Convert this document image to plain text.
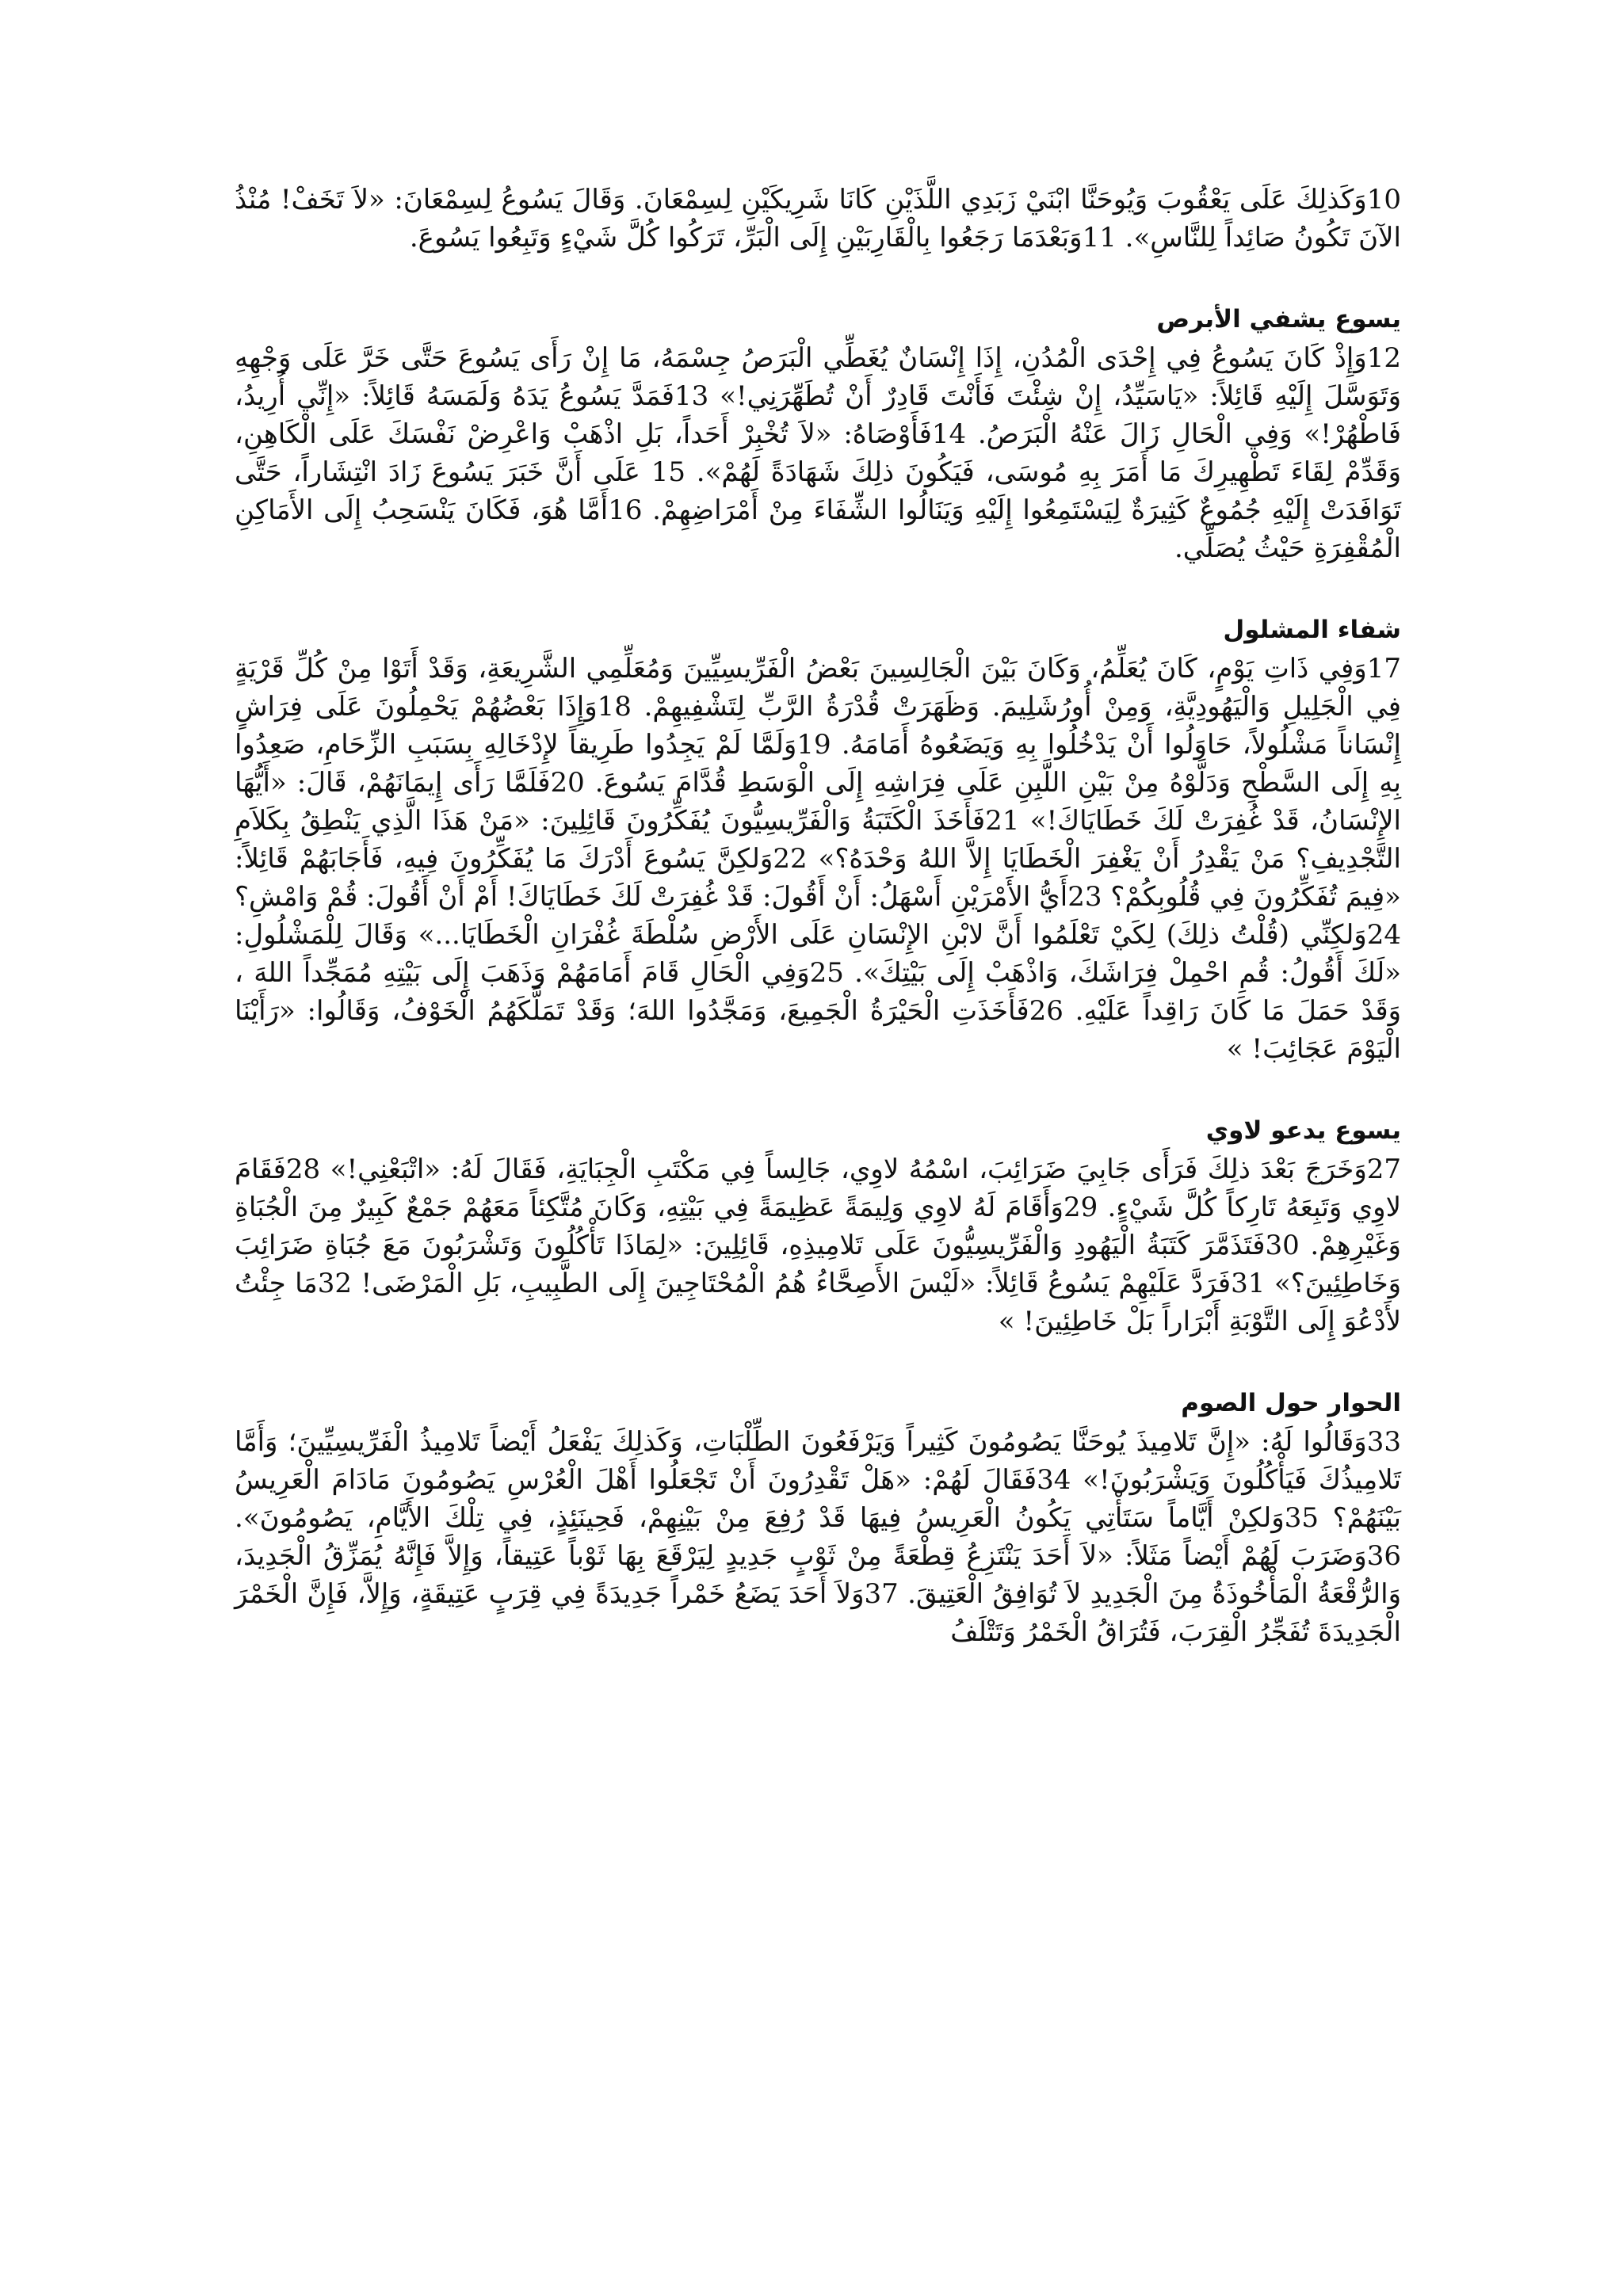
10وَكَذلِكَ عَلَى يَعْقُوبَ وَيُوحَنَّا ابْنَيْ زَبَدِي اللَّذَيْنِ كَانَا شَرِيكَيْنِ لِسِمْعَانَ. وَقَالَ يَسُوعُ لِسِمْعَانَ: «لاَ تَخَفْ! مُنْذُ الآنَ تَكُونُ صَائِداً لِلنَّاسِ». 11وَبَعْدَمَا رَجَعُوا بِالْقَارِبَيْنِ إِلَى الْبَرِّ، تَرَكُوا كُلَّ شَيْءٍ وَتَبِعُوا يَسُوعَ.

يسوع يشفي الأبرص

12وَإِذْ كَانَ يَسُوعُ فِي إِحْدَى الْمُدُنِ، إِذَا إِنْسَانٌ يُغَطِّي الْبَرَصُ جِسْمَهُ، مَا إِنْ رَأَى يَسُوعَ حَتَّى خَرَّ عَلَى وَجْهِهِ وَتَوَسَّلَ إِلَيْهِ قَائِلاً: «يَاسَيِّدُ، إِنْ شِئْتَ فَأَنْتَ قَادِرٌ أَنْ تُطَهِّرَنِي!» 13فَمَدَّ يَسُوعُ يَدَهُ وَلَمَسَهُ قَائِلاً: «إِنِّي أُرِيدُ، فَاطْهُرْ!» وَفِي الْحَالِ زَالَ عَنْهُ الْبَرَصُ. 14فَأَوْصَاهُ: «لاَ تُخْبِرْ أَحَداً، بَلِ اذْهَبْ وَاعْرِضْ نَفْسَكَ عَلَى الْكَاهِنِ، وَقَدِّمْ لِقَاءَ تَطْهِيرِكَ مَا أَمَرَ بِهِ مُوسَى، فَيَكُونَ ذلِكَ شَهَادَةً لَهُمْ». 15 عَلَى أَنَّ خَبَرَ يَسُوعَ زَادَ انْتِشَاراً، حَتَّى تَوَافَدَتْ إِلَيْهِ جُمُوعٌ كَثِيرَةٌ لِيَسْتَمِعُوا إِلَيْهِ وَيَنَالُوا الشِّفَاءَ مِنْ أَمْرَاضِهِمْ. 16أَمَّا هُوَ، فَكَانَ يَنْسَحِبُ إِلَى الأَمَاكِنِ الْمُقْفِرَةِ حَيْثُ يُصَلِّي.

شفاء المشلول

17وَفِي ذَاتِ يَوْمٍ، كَانَ يُعَلِّمُ، وَكَانَ بَيْنَ الْجَالِسِينَ بَعْضُ الْفَرِّيسِيِّينَ وَمُعَلِّمِي الشَّرِيعَةِ، وَقَدْ أَتَوْا مِنْ كُلِّ قَرْيَةٍ فِي الْجَلِيلِ وَالْيَهُودِيَّةِ، وَمِنْ أُورُشَلِيمَ. وَظَهَرَتْ قُدْرَةُ الرَّبِّ لِتَشْفِيهِمْ. 18وَإِذَا بَعْضُهُمْ يَحْمِلُونَ عَلَى فِرَاشٍ إِنْسَاناً مَشْلُولاً، حَاوَلُوا أَنْ يَدْخُلُوا بِهِ وَيَضَعُوهُ أَمَامَهُ. 19وَلَمَّا لَمْ يَجِدُوا طَرِيقاً لإِدْخَالِهِ بِسَبَبِ الزِّحَامِ، صَعِدُوا بِهِ إِلَى السَّطْحِ وَدَلَّوْهُ مِنْ بَيْنِ اللَّبِنِ عَلَى فِرَاشِهِ إِلَى الْوَسَطِ قُدَّامَ يَسُوعَ. 20فَلَمَّا رَأَى إِيمَانَهُمْ، قَالَ: «أَيُّهَا الإِنْسَانُ، قَدْ غُفِرَتْ لَكَ خَطَايَاكَ!» 21فَأَخَذَ الْكَتَبَةُ وَالْفَرِّيسِيُّونَ يُفَكِّرُونَ قَائِلِينَ: «مَنْ هَذَا الَّذِي يَنْطِقُ بِكَلاَمِ التَّجْدِيفِ؟ مَنْ يَقْدِرُ أَنْ يَغْفِرَ الْخَطَايَا إِلاَّ اللهُ وَحْدَهُ؟» 22وَلكِنَّ يَسُوعَ أَدْرَكَ مَا يُفَكِّرُونَ فِيهِ، فَأَجَابَهُمْ قَائِلاً: «فِيمَ تُفَكِّرُونَ فِي قُلُوبِكُمْ؟ 23أَيُّ الأَمْرَيْنِ أَسْهَلُ: أَنْ أَقُولَ: قَدْ غُفِرَتْ لَكَ خَطَايَاكَ! أَمْ أَنْ أَقُولَ: قُمْ وَامْشِ؟ 24وَلكِنِّي (قُلْتُ ذلِكَ) لِكَيْ تَعْلَمُوا أَنَّ لابْنِ الإِنْسَانِ عَلَى الأَرْضِ سُلْطَةَ غُفْرَانِ الْخَطَايَا...» وَقَالَ لِلْمَشْلُولِ: «لَكَ أَقُولُ: قُمِ احْمِلْ فِرَاشَكَ، وَاذْهَبْ إِلَى بَيْتِكَ». 25وَفِي الْحَالِ قَامَ أَمَامَهُمْ وَذَهَبَ إِلَى بَيْتِهِ مُمَجِّداً اللهَ ، وَقَدْ حَمَلَ مَا كَانَ رَاقِداً عَلَيْهِ. 26فَأَخَذَتِ الْحَيْرَةُ الْجَمِيعَ، وَمَجَّدُوا اللهَ؛ وَقَدْ تَمَلَّكَهُمُ الْخَوْفُ، وَقَالُوا: «رَأَيْنَا الْيَوْمَ عَجَائِبَ! »

يسوع يدعو لاوي

27وَخَرَجَ بَعْدَ ذلِكَ فَرَأَى جَابِيَ ضَرَائِبَ، اسْمُهُ لاوِي، جَالِساً فِي مَكْتَبِ الْجِبَايَةِ، فَقَالَ لَهُ: «اتْبَعْنِي!» 28فَقَامَ لاوِي وَتَبِعَهُ تَارِكاً كُلَّ شَيْءٍ. 29وَأَقَامَ لَهُ لاوِي وَلِيمَةً عَظِيمَةً فِي بَيْتِهِ، وَكَانَ مُتَّكِئاً مَعَهُمْ جَمْعٌ كَبِيرٌ مِنَ الْجُبَاةِ وَغَيْرِهِمْ. 30فَتَذَمَّرَ كَتَبَةُ الْيَهُودِ وَالْفَرِّيسِيُّونَ عَلَى تَلامِيذِهِ، قَائِلِينَ: «لِمَاذَا تَأْكُلُونَ وَتَشْرَبُونَ مَعَ جُبَاةِ ضَرَائِبَ وَخَاطِئِينَ؟» 31فَرَدَّ عَلَيْهِمْ يَسُوعُ قَائِلاً: «لَيْسَ الأَصِحَّاءُ هُمُ الْمُحْتَاجِينَ إِلَى الطَّبِيبِ، بَلِ الْمَرْضَى! 32مَا جِئْتُ لأَدْعُوَ إِلَى التَّوْبَةِ أَبْرَاراً بَلْ خَاطِئِينَ! »

الحوار حول الصوم

33وَقَالُوا لَهُ: «إِنَّ تَلامِيذَ يُوحَنَّا يَصُومُونَ كَثِيراً وَيَرْفَعُونَ الطِّلْبَاتِ، وَكَذلِكَ يَفْعَلُ أَيْضاً تَلامِيذُ الْفَرِّيسِيِّينَ؛ وَأَمَّا تَلامِيذُكَ فَيَأْكُلُونَ وَيَشْرَبُونَ!» 34فَقَالَ لَهُمْ: «هَلْ تَقْدِرُونَ أَنْ تَجْعَلُوا أَهْلَ الْعُرْسِ يَصُومُونَ مَادَامَ الْعَرِيسُ بَيْنَهُمْ؟ 35وَلكِنْ أَيَّاماً سَتَأْتِي يَكُونُ الْعَرِيسُ فِيهَا قَدْ رُفِعَ مِنْ بَيْنِهِمْ، فَحِينَئِذٍ، فِي تِلْكَ الأَيَّامِ، يَصُومُونَ». 36وَضَرَبَ لَهُمْ أَيْضاً مَثَلاً: «لاَ أَحَدَ يَنْتَزِعُ قِطْعَةً مِنْ ثَوْبٍ جَدِيدٍ لِيَرْقَعَ بِهَا ثَوْباً عَتِيقاً، وَإِلاَّ فَإِنَّهُ يُمَزِّقُ الْجَدِيدَ، وَالرُّقْعَةُ الْمَأْخُوذَةُ مِنَ الْجَدِيدِ لاَ تُوَافِقُ الْعَتِيقَ. 37وَلاَ أَحَدَ يَضَعُ خَمْراً جَدِيدَةً فِي قِرَبٍ عَتِيقَةٍ، وَإِلاَّ، فَإِنَّ الْخَمْرَ الْجَدِيدَةَ تُفَجِّرُ الْقِرَبَ، فَتُرَاقُ الْخَمْرُ وَتَتْلَفُ
